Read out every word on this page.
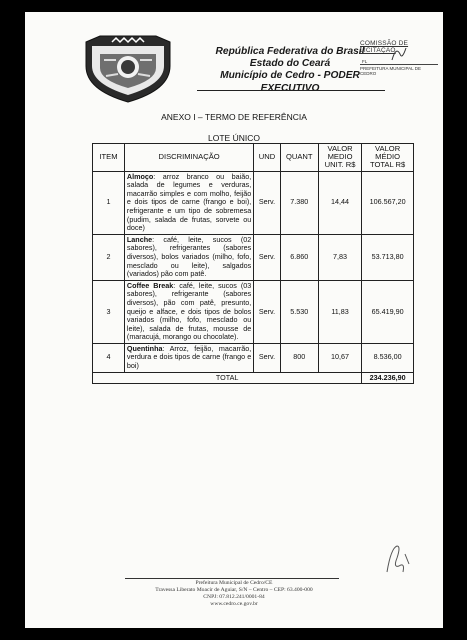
República Federativa do Brasil
Estado do Ceará
Município de Cedro - PODER EXECUTIVO
COMISSÃO DE LICITAÇÃO
FL
PREFEITURA MUNICIPAL DE CEDRO
ANEXO I – TERMO DE REFERÊNCIA
LOTE ÚNICO
ITEM	DISCRIMINAÇÃO	UND	QUANT	VALOR MEDIO UNIT. R$	VALOR MÉDIO TOTAL R$
1	Almoço: arroz branco ou baião, salada de legumes e verduras, macarrão simples e com molho, feijão e dois tipos de carne (frango e boi), refrigerante e um tipo de sobremesa (pudim, salada de frutas, sorvete ou doce)	Serv.	7.380	14,44	106.567,20
2	Lanche: café, leite, sucos (02 sabores), refrigerantes (sabores diversos), bolos variados (milho, fofo, mesclado ou leite), salgados (variados) pão com patê.	Serv.	6.860	7,83	53.713,80
3	Coffee Break: café, leite, sucos (03 sabores), refrigerante (sabores diversos), pão com patê, presunto, queijo e alface, e dois tipos de bolos variados (milho, fofo, mesclado ou leite), salada de frutas, mousse de (maracujá, morango ou chocolate).	Serv.	5.530	11,83	65.419,90
4	Quentinha: Arroz, feijão, macarrão, verdura e dois tipos de carne (frango e boi)	Serv.	800	10,67	8.536,00
TOTAL					234.236,90
Prefeitura Municipal de Cedro/CE
Travessa Liberato Moacir de Aguiar, S/N – Centro – CEP: 63.400-000
CNPJ: 07.812.241/0001-84
www.cedro.ce.gov.br
